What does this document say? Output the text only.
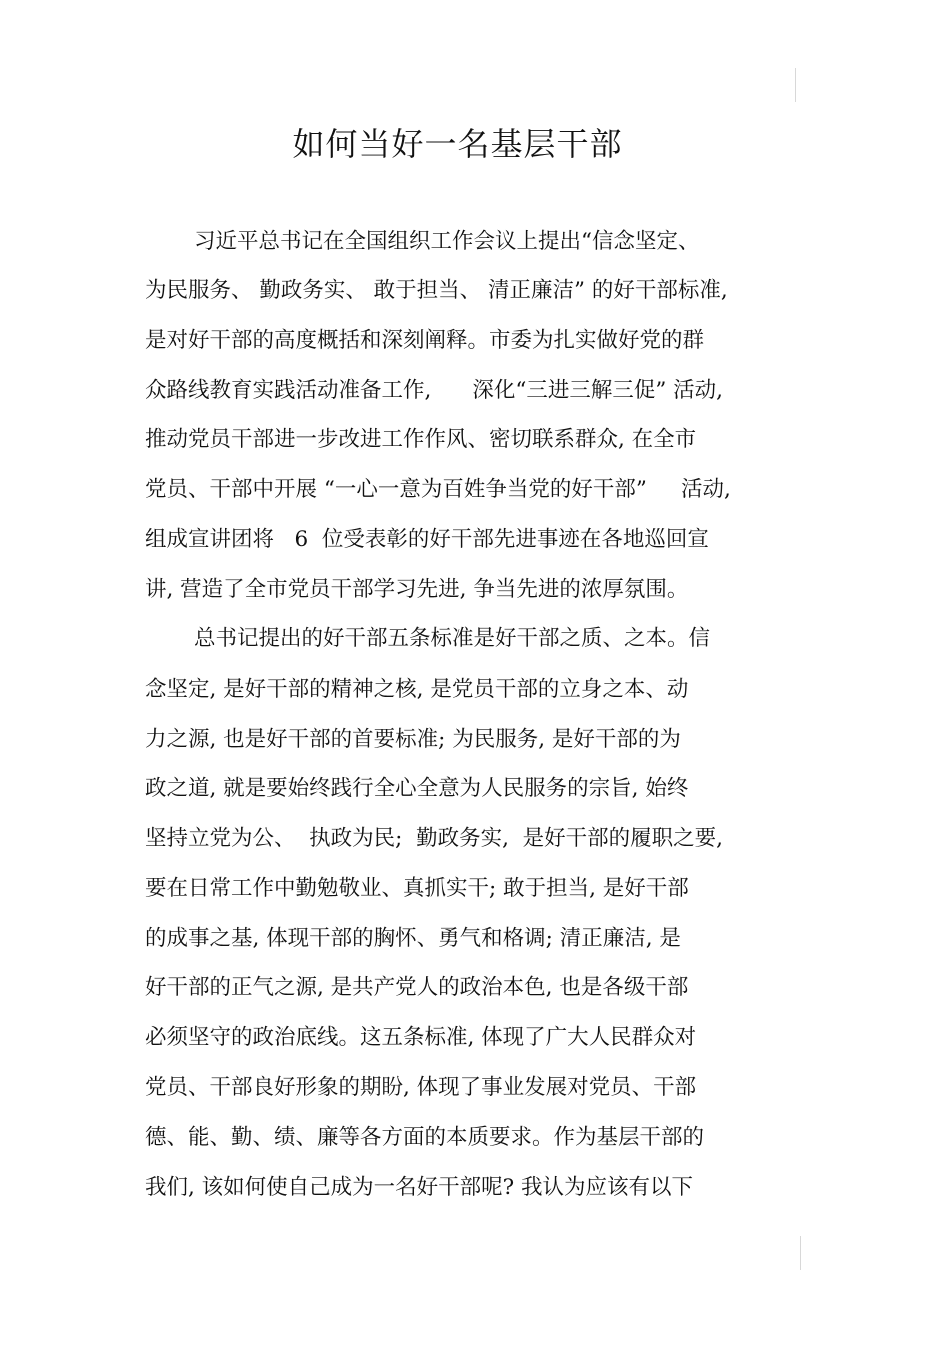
如何当好一名基层干部
习近平总书记在全国组织工作会议上提出“信念坚定、
为民服务、 勤政务实、 敢于担当、 清正廉洁” 的好干部标准,
是对好干部的高度概括和深刻阐释。市委为扎实做好党的群
众路线教育实践活动准备工作,      深化“三进三解三促” 活动,
推动党员干部进一步改进工作作风、密切联系群众, 在全市
党员、干部中开展 “一心一意为百姓争当党的好干部”     活动,
组成宣讲团将   6  位受表彰的好干部先进事迹在各地巡回宣
讲, 营造了全市党员干部学习先进, 争当先进的浓厚氛围。
总书记提出的好干部五条标准是好干部之质、之本。信
念坚定, 是好干部的精神之核, 是党员干部的立身之本、动
力之源, 也是好干部的首要标准; 为民服务, 是好干部的为
政之道, 就是要始终践行全心全意为人民服务的宗旨, 始终
坚持立党为公、  执政为民;  勤政务实,  是好干部的履职之要,
要在日常工作中勤勉敬业、真抓实干; 敢于担当, 是好干部
的成事之基, 体现干部的胸怀、勇气和格调; 清正廉洁, 是
好干部的正气之源, 是共产党人的政治本色, 也是各级干部
必须坚守的政治底线。这五条标准, 体现了广大人民群众对
党员、干部良好形象的期盼, 体现了事业发展对党员、干部
德、能、勤、绩、廉等各方面的本质要求。作为基层干部的
我们, 该如何使自己成为一名好干部呢? 我认为应该有以下
